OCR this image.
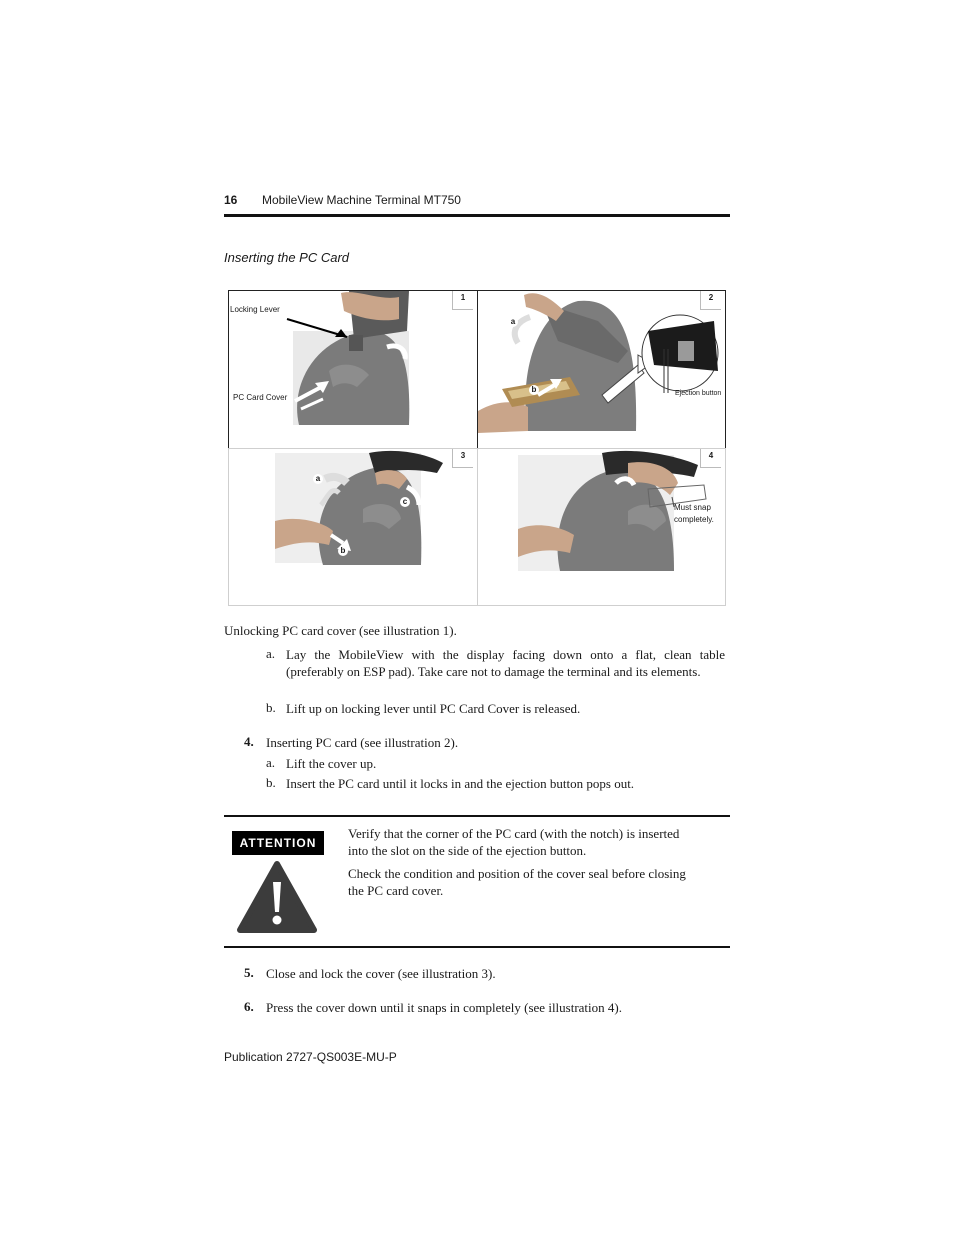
16 MobileView Machine Terminal MT750
Inserting the PC Card
1
Locking Lever
PC Card Cover
2
a
b	Ejection button
3
a
b
c
4
Must snap
completely.
Unlocking PC card cover (see illustration 1).
a. Lay the MobileView with the display facing down onto a flat, clean table (preferably on ESP pad). Take care not to damage the terminal and its elements.
b. Lift up on locking lever until PC Card Cover is released.
4. Inserting PC card (see illustration 2).
a. Lift the cover up.
b. Insert the PC card until it locks in and the ejection button pops out.
ATTENTION
Verify that the corner of the PC card (with the notch) is inserted into the slot on the side of the ejection button.
Check the condition and position of the cover seal before closing the PC card cover.
5. Close and lock the cover (see illustration 3).
6. Press the cover down until it snaps in completely (see illustration 4).
Publication 2727-QS003E-MU-P
